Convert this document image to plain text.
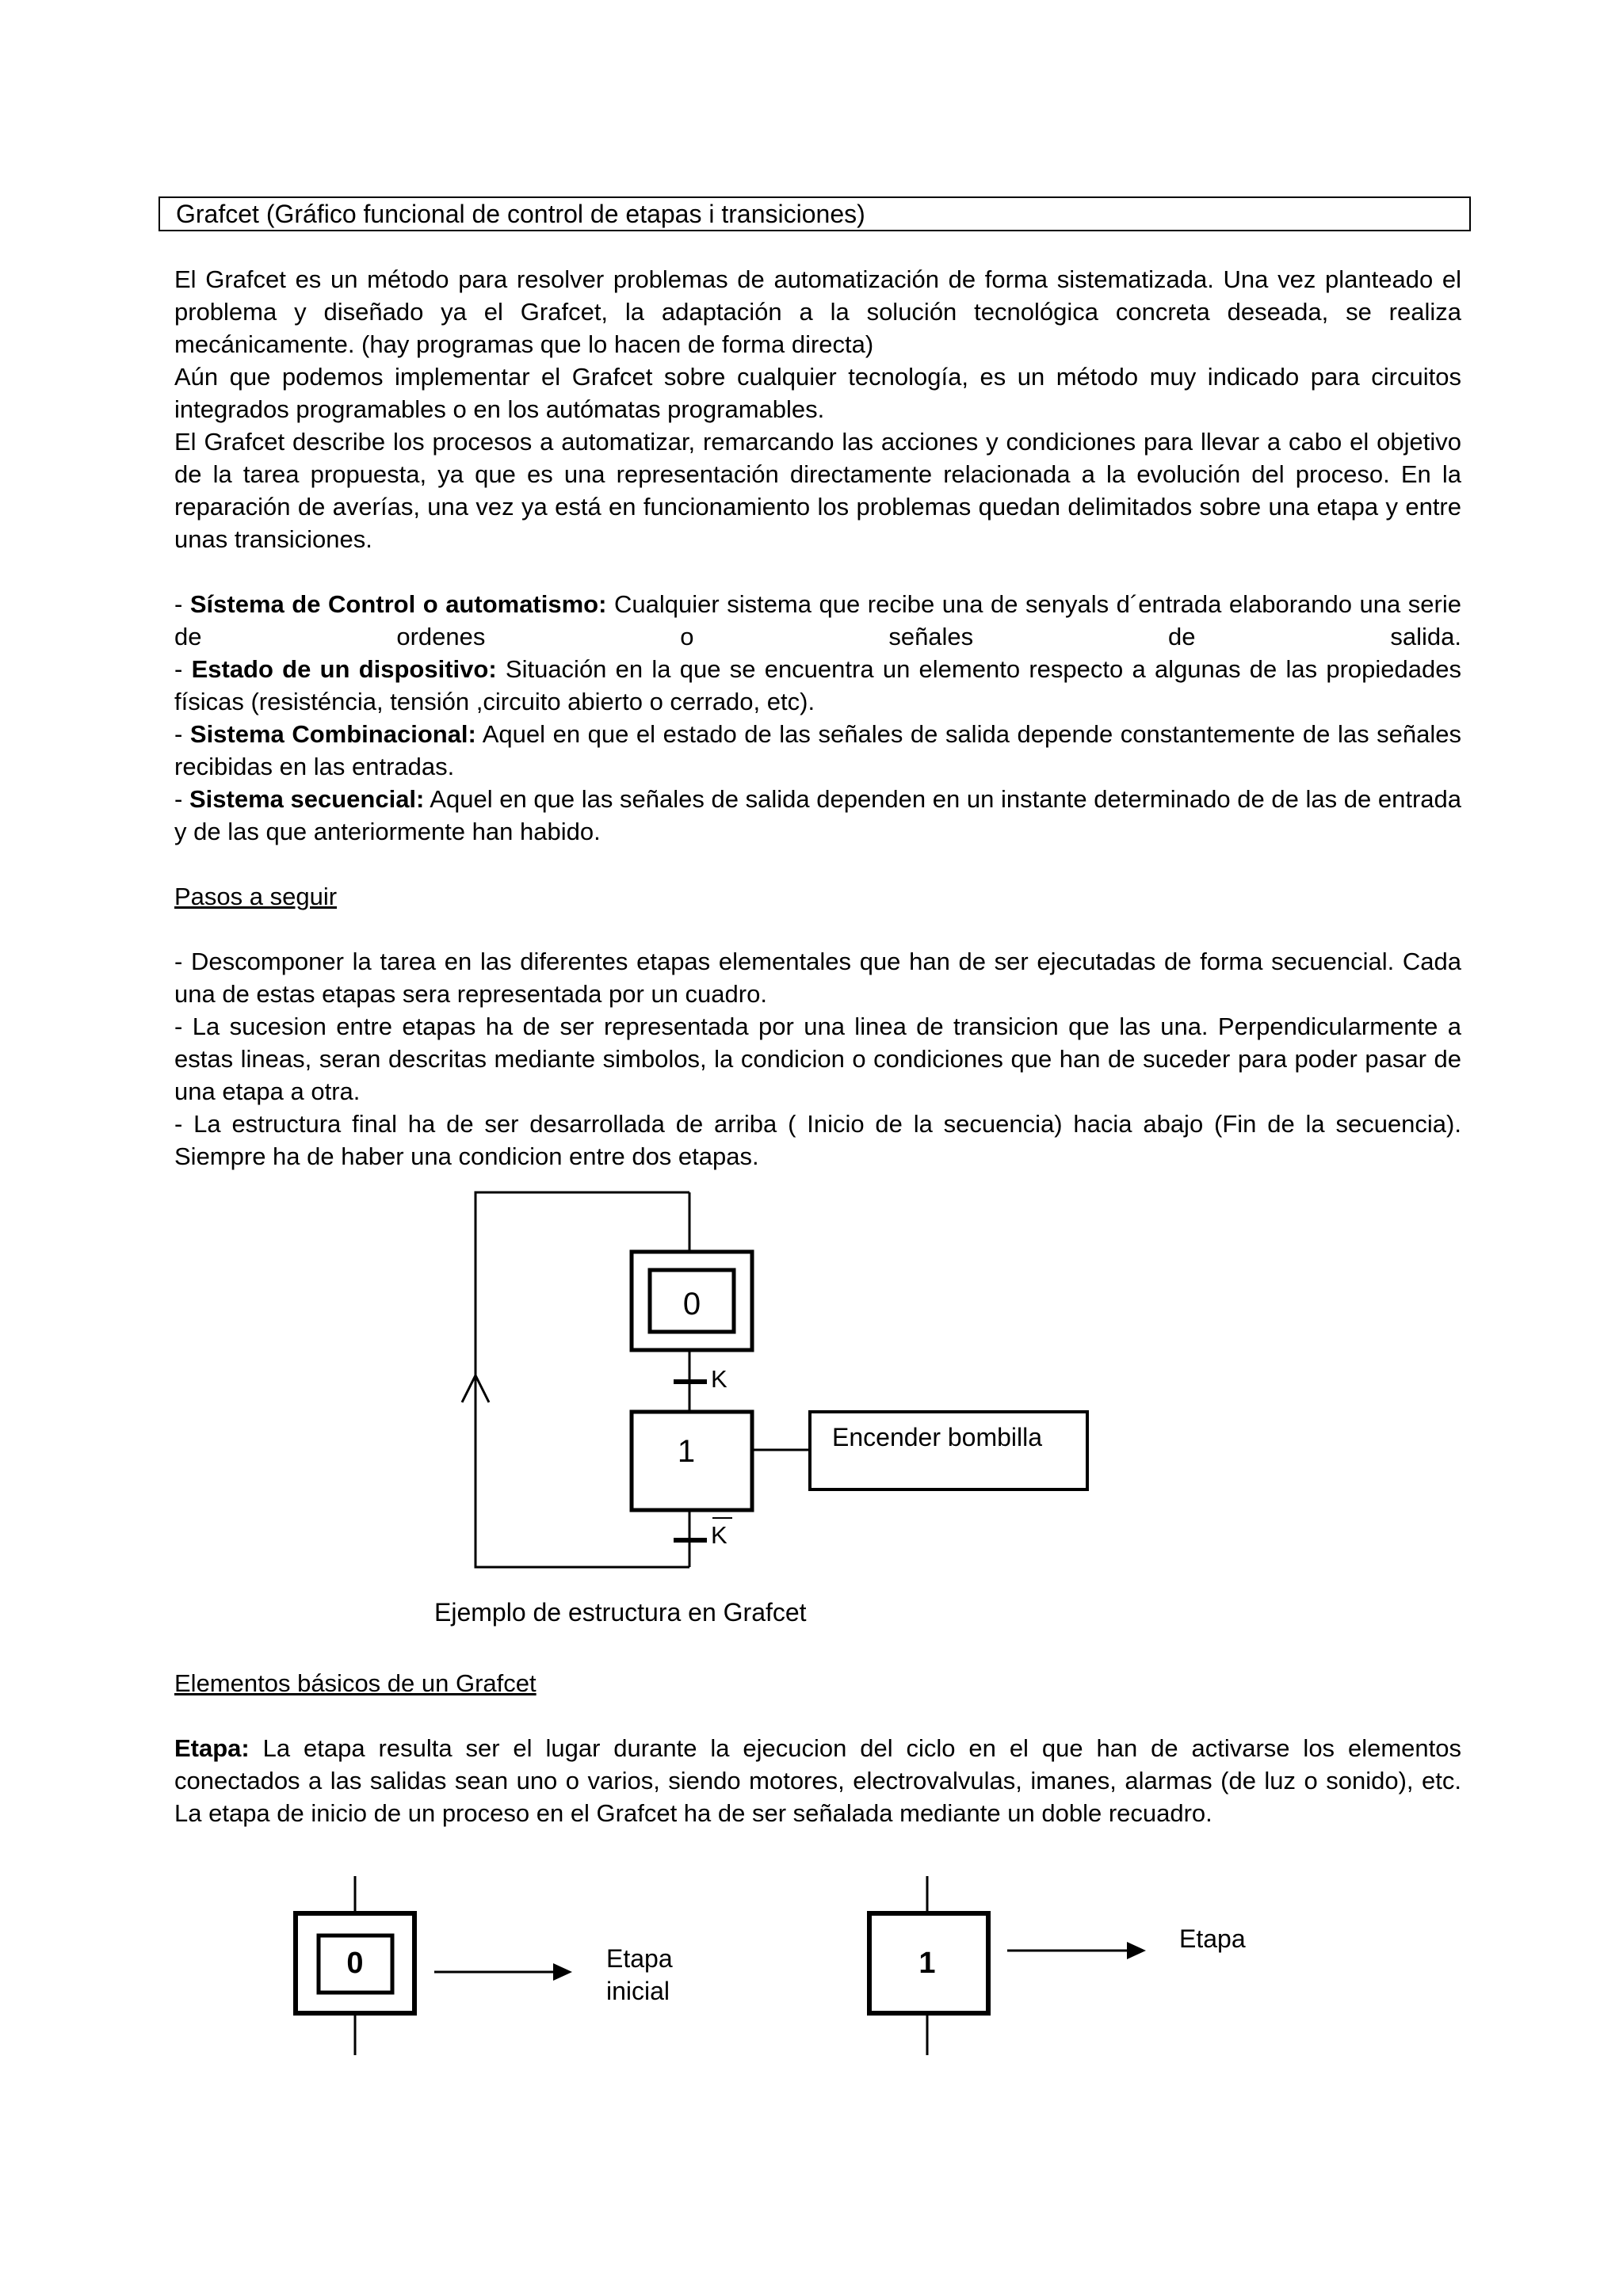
Grafcet (Gráfico funcional de control de etapas i transiciones)

El Grafcet es un método para resolver problemas de automatización de forma sistematizada. Una vez planteado el problema y diseñado ya el Grafcet, la adaptación a la solución tecnológica concreta deseada, se realiza mecánicamente. (hay programas que lo hacen de forma directa)

Aún que podemos implementar el Grafcet sobre cualquier tecnología, es un método muy indicado para circuitos integrados programables o en los autómatas programables.

El Grafcet describe los procesos a automatizar, remarcando las acciones y condiciones para llevar a cabo el objetivo de la tarea propuesta, ya que es una representación directamente relacionada a la evolución del proceso. En la reparación de averías, una vez ya está en funcionamiento los problemas quedan delimitados sobre una etapa y entre unas transiciones.

- Sístema de Control o automatismo: Cualquier sistema que recibe una de senyals d´entrada elaborando una serie de ordenes o señales de salida.

- Estado de un dispositivo: Situación en la que se encuentra un elemento respecto a algunas de las propiedades físicas (resisténcia, tensión ,circuito abierto o cerrado, etc).

- Sistema Combinacional: Aquel en que el estado de las señales de salida depende constantemente de las señales recibidas en las entradas.

- Sistema secuencial: Aquel en que las señales de salida dependen en un instante determinado de de las de entrada y de las que anteriormente han habido.

Pasos a seguir

- Descomponer la tarea en las diferentes etapas elementales que han de ser ejecutadas de forma secuencial. Cada una de estas etapas sera representada por un cuadro.

- La sucesion entre etapas ha de ser representada por una linea de transicion que las una. Perpendicularmente a estas lineas, seran descritas mediante simbolos, la condicion o condiciones que han de suceder para poder pasar de una etapa a otra.

- La estructura final ha de ser desarrollada de arriba ( Inicio de la secuencia) hacia abajo (Fin de la secuencia). Siempre ha de haber una condicion entre dos etapas.

0
K
1	Encender bombilla
K
Ejemplo de estructura en Grafcet

Elementos básicos de un Grafcet

Etapa: La etapa resulta ser el lugar durante la ejecucion del ciclo en el que han de activarse los elementos conectados a las salidas sean uno o varios, siendo motores, electrovalvulas, imanes, alarmas (de luz o sonido), etc. La etapa de inicio de un proceso en el Grafcet ha de ser señalada mediante un doble recuadro.

0	Etapa
inicial
1
Etapa
